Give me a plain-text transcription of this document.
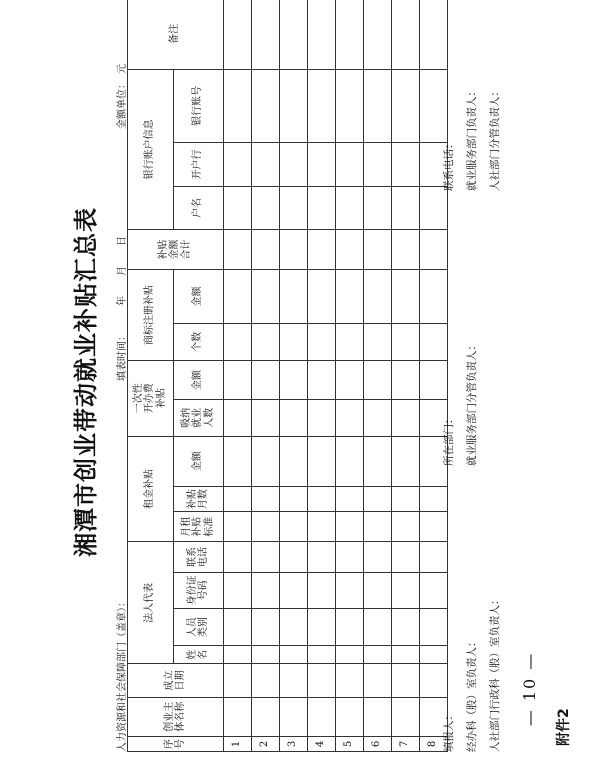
附件2
— 10 —
湘潭市创业带动就业补贴汇总表
人力资源和社会保障部门（盖章）：
填表时间：　　　年　　月　　日
金额单位：　元
序号	创业主体名称	成立日期	法人代表				租金补贴			一次性开办费补贴		商标注册补贴		补贴金额合计	银行账户信息			备注
			姓名	人员类别	身份证号码	联系电话	月租补贴标准	补贴月数	金额	吸纳就业人数	金额	个数	金额		户名	开户行	银行账号	
1																		
2																		
3																		
4																		
5																		
6																		
7																		
8																		填报人： 经办科（股）室负责人： 人社部门行政科（股）室负责人：
所在部门： 就业服务部门分管负责人：
联系电话： 就业服务部门负责人： 人社部门分管负责人：
